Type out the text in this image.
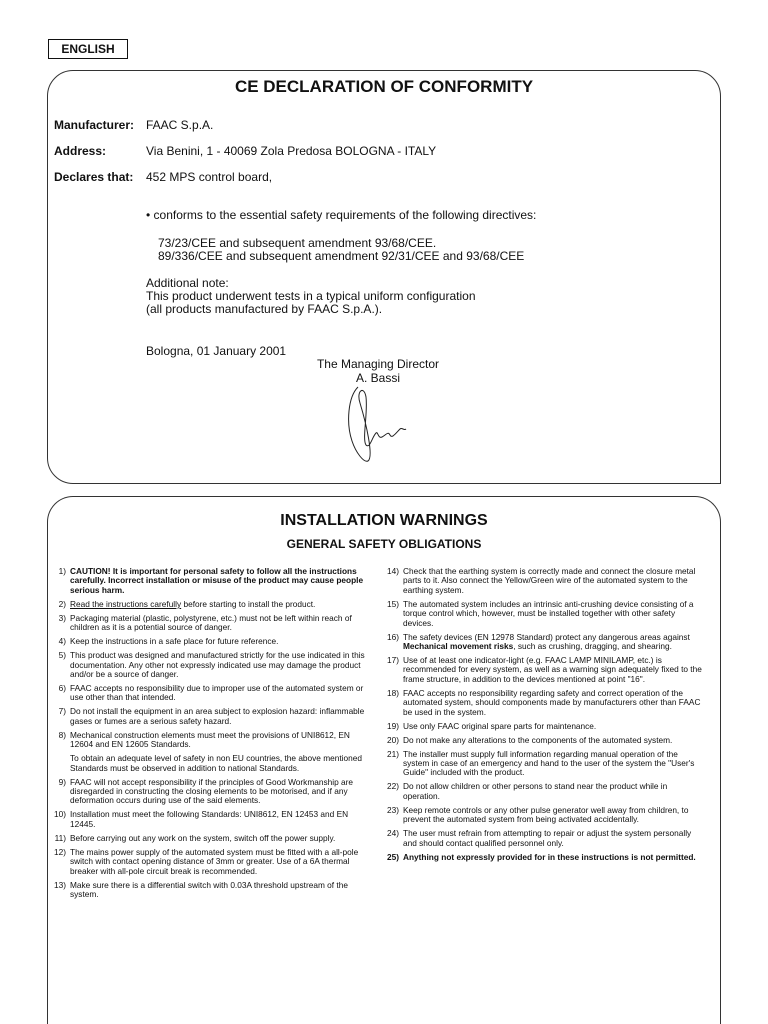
ENGLISH
CE DECLARATION OF CONFORMITY
Manufacturer: FAAC S.p.A.
Address:	Via Benini, 1 - 40069 Zola Predosa BOLOGNA - ITALY
Declares that: 452 MPS control board,
• conforms to the essential safety requirements of the following directives:
73/23/CEE and subsequent amendment 93/68/CEE.
89/336/CEE and subsequent amendment 92/31/CEE and 93/68/CEE
Additional note:
This product underwent tests in a typical uniform configuration
(all products manufactured by FAAC S.p.A.).
Bologna, 01 January 2001
The Managing Director
A. Bassi
INSTALLATION WARNINGS
GENERAL SAFETY OBLIGATIONS
1) CAUTION! It is important for personal safety to follow all the instructions carefully. Incorrect installation or misuse of the product may cause people serious harm.
2) Read the instructions carefully before starting to install the product.
3) Packaging material (plastic, polystyrene, etc.) must not be left within reach of children as it is a potential source of danger.
4) Keep the instructions in a safe place for future reference.
5) This product was designed and manufactured strictly for the use indicated in this documentation. Any other not expressly indicated use may damage the product and/or be a source of danger.
6) FAAC accepts no responsibility due to improper use of the automated system or use other than that intended.
7) Do not install the equipment in an area subject to explosion hazard: inflammable gases or fumes are a serious safety hazard.
8) Mechanical construction elements must meet the provisions of UNI8612, EN 12604 and EN 12605 Standards.
To obtain an adequate level of safety in non EU countries, the above mentioned Standards must be observed in addition to national Standards.
9) FAAC will not accept responsibility if the principles of Good Workmanship are disregarded in constructing the closing elements to be motorised, and if any deformation occurs during use of the said elements.
10) Installation must meet the following Standards: UNI8612, EN 12453 and EN 12445.
11) Before carrying out any work on the system, switch off the power supply.
12) The mains power supply of the automated system must be fitted with a all-pole switch with contact opening distance of 3mm or greater. Use of a 6A thermal breaker with all-pole circuit break is recommended.
13) Make sure there is a differential switch with 0.03A threshold upstream of the system.
14) Check that the earthing system is correctly made and connect the closure metal parts to it. Also connect the Yellow/Green wire of the automated system to the earthing system.
15) The automated system includes an intrinsic anti-crushing device consisting of a torque control which, however, must be installed together with other safety devices.
16) The safety devices (EN 12978 Standard) protect any dangerous areas against Mechanical movement risks, such as crushing, dragging, and shearing.
17) Use of at least one indicator-light (e.g. FAAC LAMP MINILAMP, etc.) is recommended for every system, as well as a warning sign adequately fixed to the frame structure, in addition to the devices mentioned at point "16".
18) FAAC accepts no responsibility regarding safety and correct operation of the automated system, should components made by manufacturers other than FAAC be used in the system.
19) Use only FAAC original spare parts for maintenance.
20) Do not make any alterations to the components of the automated system.
21) The installer must supply full information regarding manual operation of the system in case of an emergency and hand to the user of the system the "User's Guide" included with the product.
22) Do not allow children or other persons to stand near the product while in operation.
23) Keep remote controls or any other pulse generator well away from children, to prevent the automated system from being activated accidentally.
24) The user must refrain from attempting to repair or adjust the system personally and should contact qualified personnel only.
25) Anything not expressly provided for in these instructions is not permitted.
